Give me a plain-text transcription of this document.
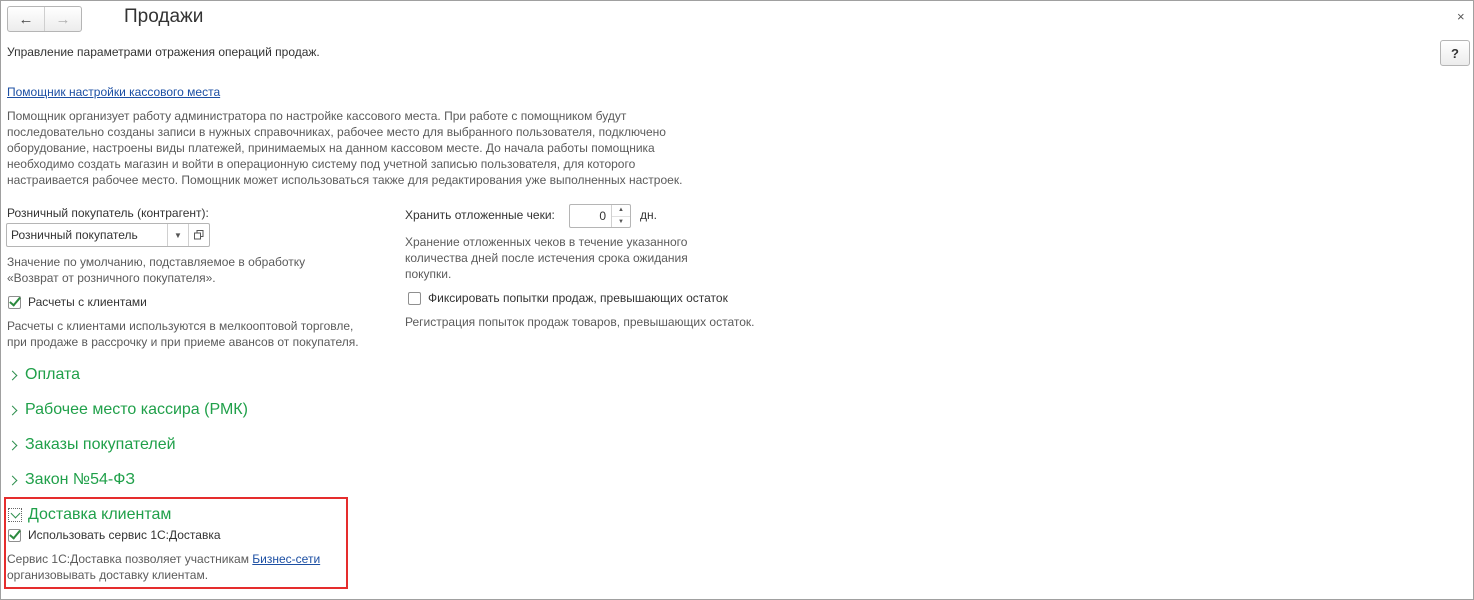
← →	Продажи	×
?
Управление параметрами отражения операций продаж.
Помощник настройки кассового места
Помощник организует работу администратора по настройке кассового места. При работе с помощником будут
последовательно созданы записи в нужных справочниках, рабочее место для выбранного пользователя, подключено
оборудование, настроены виды платежей, принимаемых на данном кассовом месте. До начала работы помощника
необходимо создать магазин и войти в операционную систему под учетной записью пользователя, для которого
настраивается рабочее место. Помощник может использоваться также для редактирования уже выполненных настроек.
Розничный покупатель (контрагент):
Розничный покупатель	▼
Значение по умолчанию, подставляемое в обработку
«Возврат от розничного покупателя».
Расчеты с клиентами
Расчеты с клиентами используются в мелкооптовой торговле,
при продаже в рассрочку и при приеме авансов от покупателя.
Хранить отложенные чеки:	0	▲
▼	дн.
Хранение отложенных чеков в течение указанного
количества дней после истечения срока ожидания
покупки.
Фиксировать попытки продаж, превышающих остаток
Регистрация попыток продаж товаров, превышающих остаток.
Оплата
Рабочее место кассира (РМК)
Заказы покупателей
Закон №54-ФЗ
Доставка клиентам
Использовать сервис 1С:Доставка
Сервис 1С:Доставка позволяет участникам Бизнес-сети
организовывать доставку клиентам.
